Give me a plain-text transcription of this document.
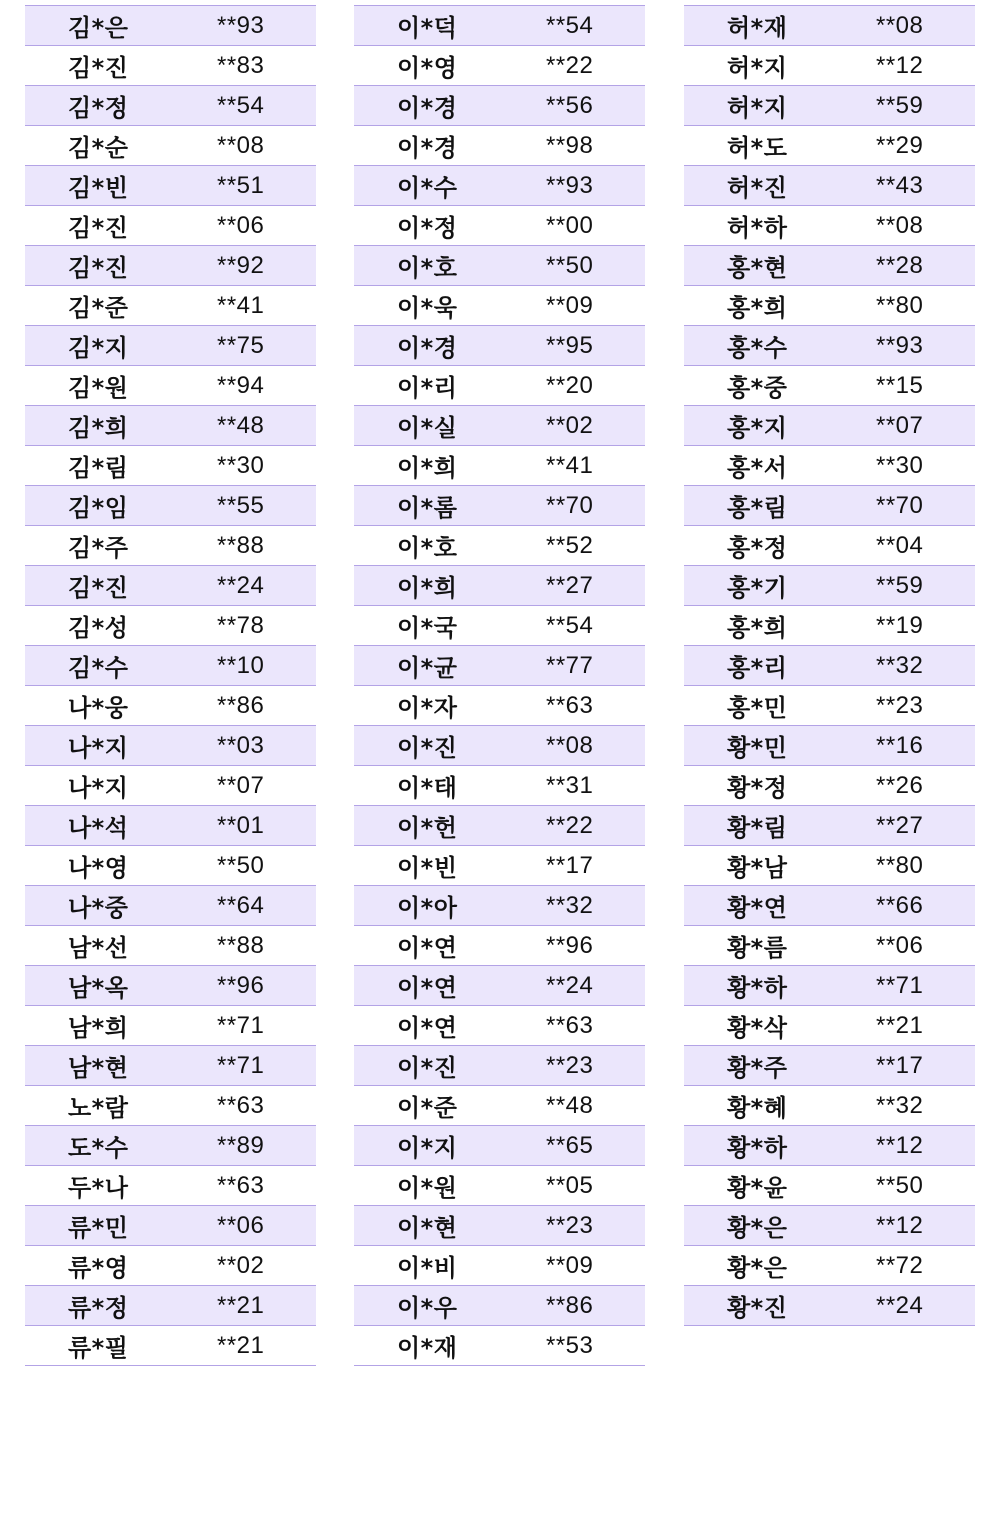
김*은	**93
김*진	**83
김*정	**54
김*순	**08
김*빈	**51
김*진	**06
김*진	**92
김*준	**41
김*지	**75
김*원	**94
김*희	**48
김*림	**30
김*임	**55
김*주	**88
김*진	**24
김*성	**78
김*수	**10
나*웅	**86
나*지	**03
나*지	**07
나*석	**01
나*영	**50
나*중	**64
남*선	**88
남*옥	**96
남*희	**71
남*현	**71
노*람	**63
도*수	**89
두*나	**63
류*민	**06
류*영	**02
류*정	**21
류*필	**21
이*덕	**54
이*영	**22
이*경	**56
이*경	**98
이*수	**93
이*정	**00
이*호	**50
이*욱	**09
이*경	**95
이*리	**20
이*실	**02
이*희	**41
이*롬	**70
이*호	**52
이*희	**27
이*국	**54
이*균	**77
이*자	**63
이*진	**08
이*태	**31
이*헌	**22
이*빈	**17
이*아	**32
이*연	**96
이*연	**24
이*연	**63
이*진	**23
이*준	**48
이*지	**65
이*원	**05
이*현	**23
이*비	**09
이*우	**86
이*재	**53
허*재	**08
허*지	**12
허*지	**59
허*도	**29
허*진	**43
허*하	**08
홍*현	**28
홍*희	**80
홍*수	**93
홍*중	**15
홍*지	**07
홍*서	**30
홍*림	**70
홍*정	**04
홍*기	**59
홍*희	**19
홍*리	**32
홍*민	**23
황*민	**16
황*정	**26
황*림	**27
황*남	**80
황*연	**66
황*름	**06
황*하	**71
황*삭	**21
황*주	**17
황*혜	**32
황*하	**12
황*윤	**50
황*은	**12
황*은	**72
황*진	**24
